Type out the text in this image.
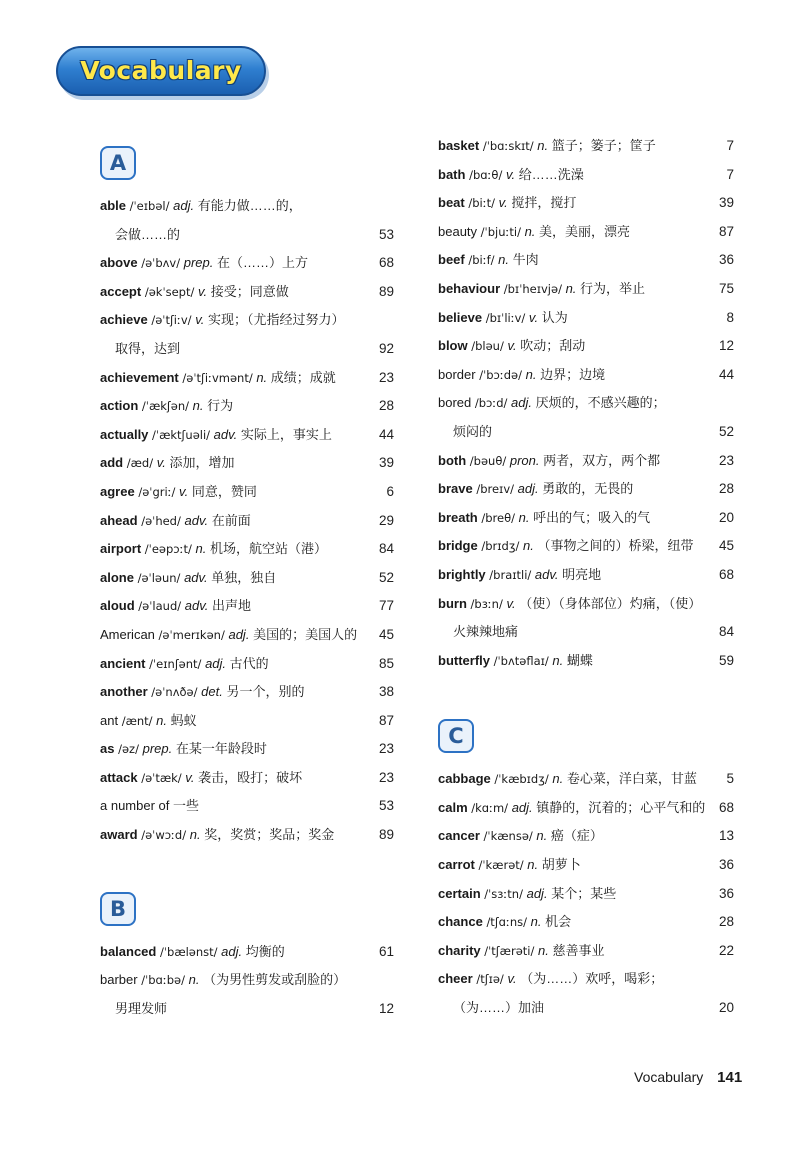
Vocabulary
A
able /ˈeɪbəl/ adj. 有能力做……的，
会做……的	53
above /əˈbʌv/ prep. 在（……）上方	68
accept /əkˈsept/ v. 接受；同意做	89
achieve /əˈtʃiːv/ v. 实现；（尤指经过努力）
取得，达到	92
achievement /əˈtʃiːvmənt/ n. 成绩；成就	23
action /ˈækʃən/ n. 行为	28
actually /ˈæktʃuəli/ adv. 实际上，事实上	44
add /æd/ v. 添加，增加	39
agree /əˈgriː/ v. 同意，赞同	6
ahead /əˈhed/ adv. 在前面	29
airport /ˈeəpɔːt/ n. 机场，航空站（港）	84
alone /əˈləun/ adv. 单独，独自	52
aloud /əˈlaud/ adv. 出声地	77
American /əˈmerɪkən/ adj. 美国的；美国人的 45
ancient /ˈeɪnʃənt/ adj. 古代的	85
another /əˈnʌðə/ det. 另一个，别的	38
ant /ænt/ n. 蚂蚁	87
as /əz/ prep. 在某一年龄段时	23
attack /əˈtæk/ v. 袭击，殴打；破坏	23
a number of 一些	53
award /əˈwɔːd/ n. 奖，奖赏；奖品；奖金	89
B
balanced /ˈbælənst/ adj. 均衡的	61
barber /ˈbɑːbə/ n. （为男性剪发或刮脸的）
男理发师	12
basket /ˈbɑːskɪt/ n. 篮子；篓子；筐子	7
bath /bɑːθ/ v. 给……洗澡	7
beat /biːt/ v. 搅拌，搅打	39
beauty /ˈbjuːti/ n. 美，美丽，漂亮	87
beef /biːf/ n. 牛肉	36
behaviour /bɪˈheɪvjə/ n. 行为，举止	75
believe /bɪˈliːv/ v. 认为	8
blow /bləu/ v. 吹动；刮动	12
border /ˈbɔːdə/ n. 边界；边境	44
bored /bɔːd/ adj. 厌烦的，不感兴趣的；
烦闷的	52
both /bəuθ/ pron. 两者，双方，两个都	23
brave /breɪv/ adj. 勇敢的，无畏的	28
breath /breθ/ n. 呼出的气；吸入的气	20
bridge /brɪdʒ/ n. （事物之间的）桥梁，纽带 45
brightly /braɪtli/ adv. 明亮地	68
burn /bɜːn/ v. （使）（身体部位）灼痛，（使）
火辣辣地痛	84
butterfly /ˈbʌtəflaɪ/ n. 蝴蝶	59
C
cabbage /ˈkæbɪdʒ/ n. 卷心菜，洋白菜，甘蓝 5
calm /kɑːm/ adj. 镇静的，沉着的；心平气和的 68
cancer /ˈkænsə/ n. 癌（症）	13
carrot /ˈkærət/ n. 胡萝卜	36
certain /ˈsɜːtn/ adj. 某个；某些	36
chance /tʃɑːns/ n. 机会	28
charity /ˈtʃærəti/ n. 慈善事业	22
cheer /tʃɪə/ v. （为……）欢呼，喝彩；
（为……）加油	20
Vocabulary 141
